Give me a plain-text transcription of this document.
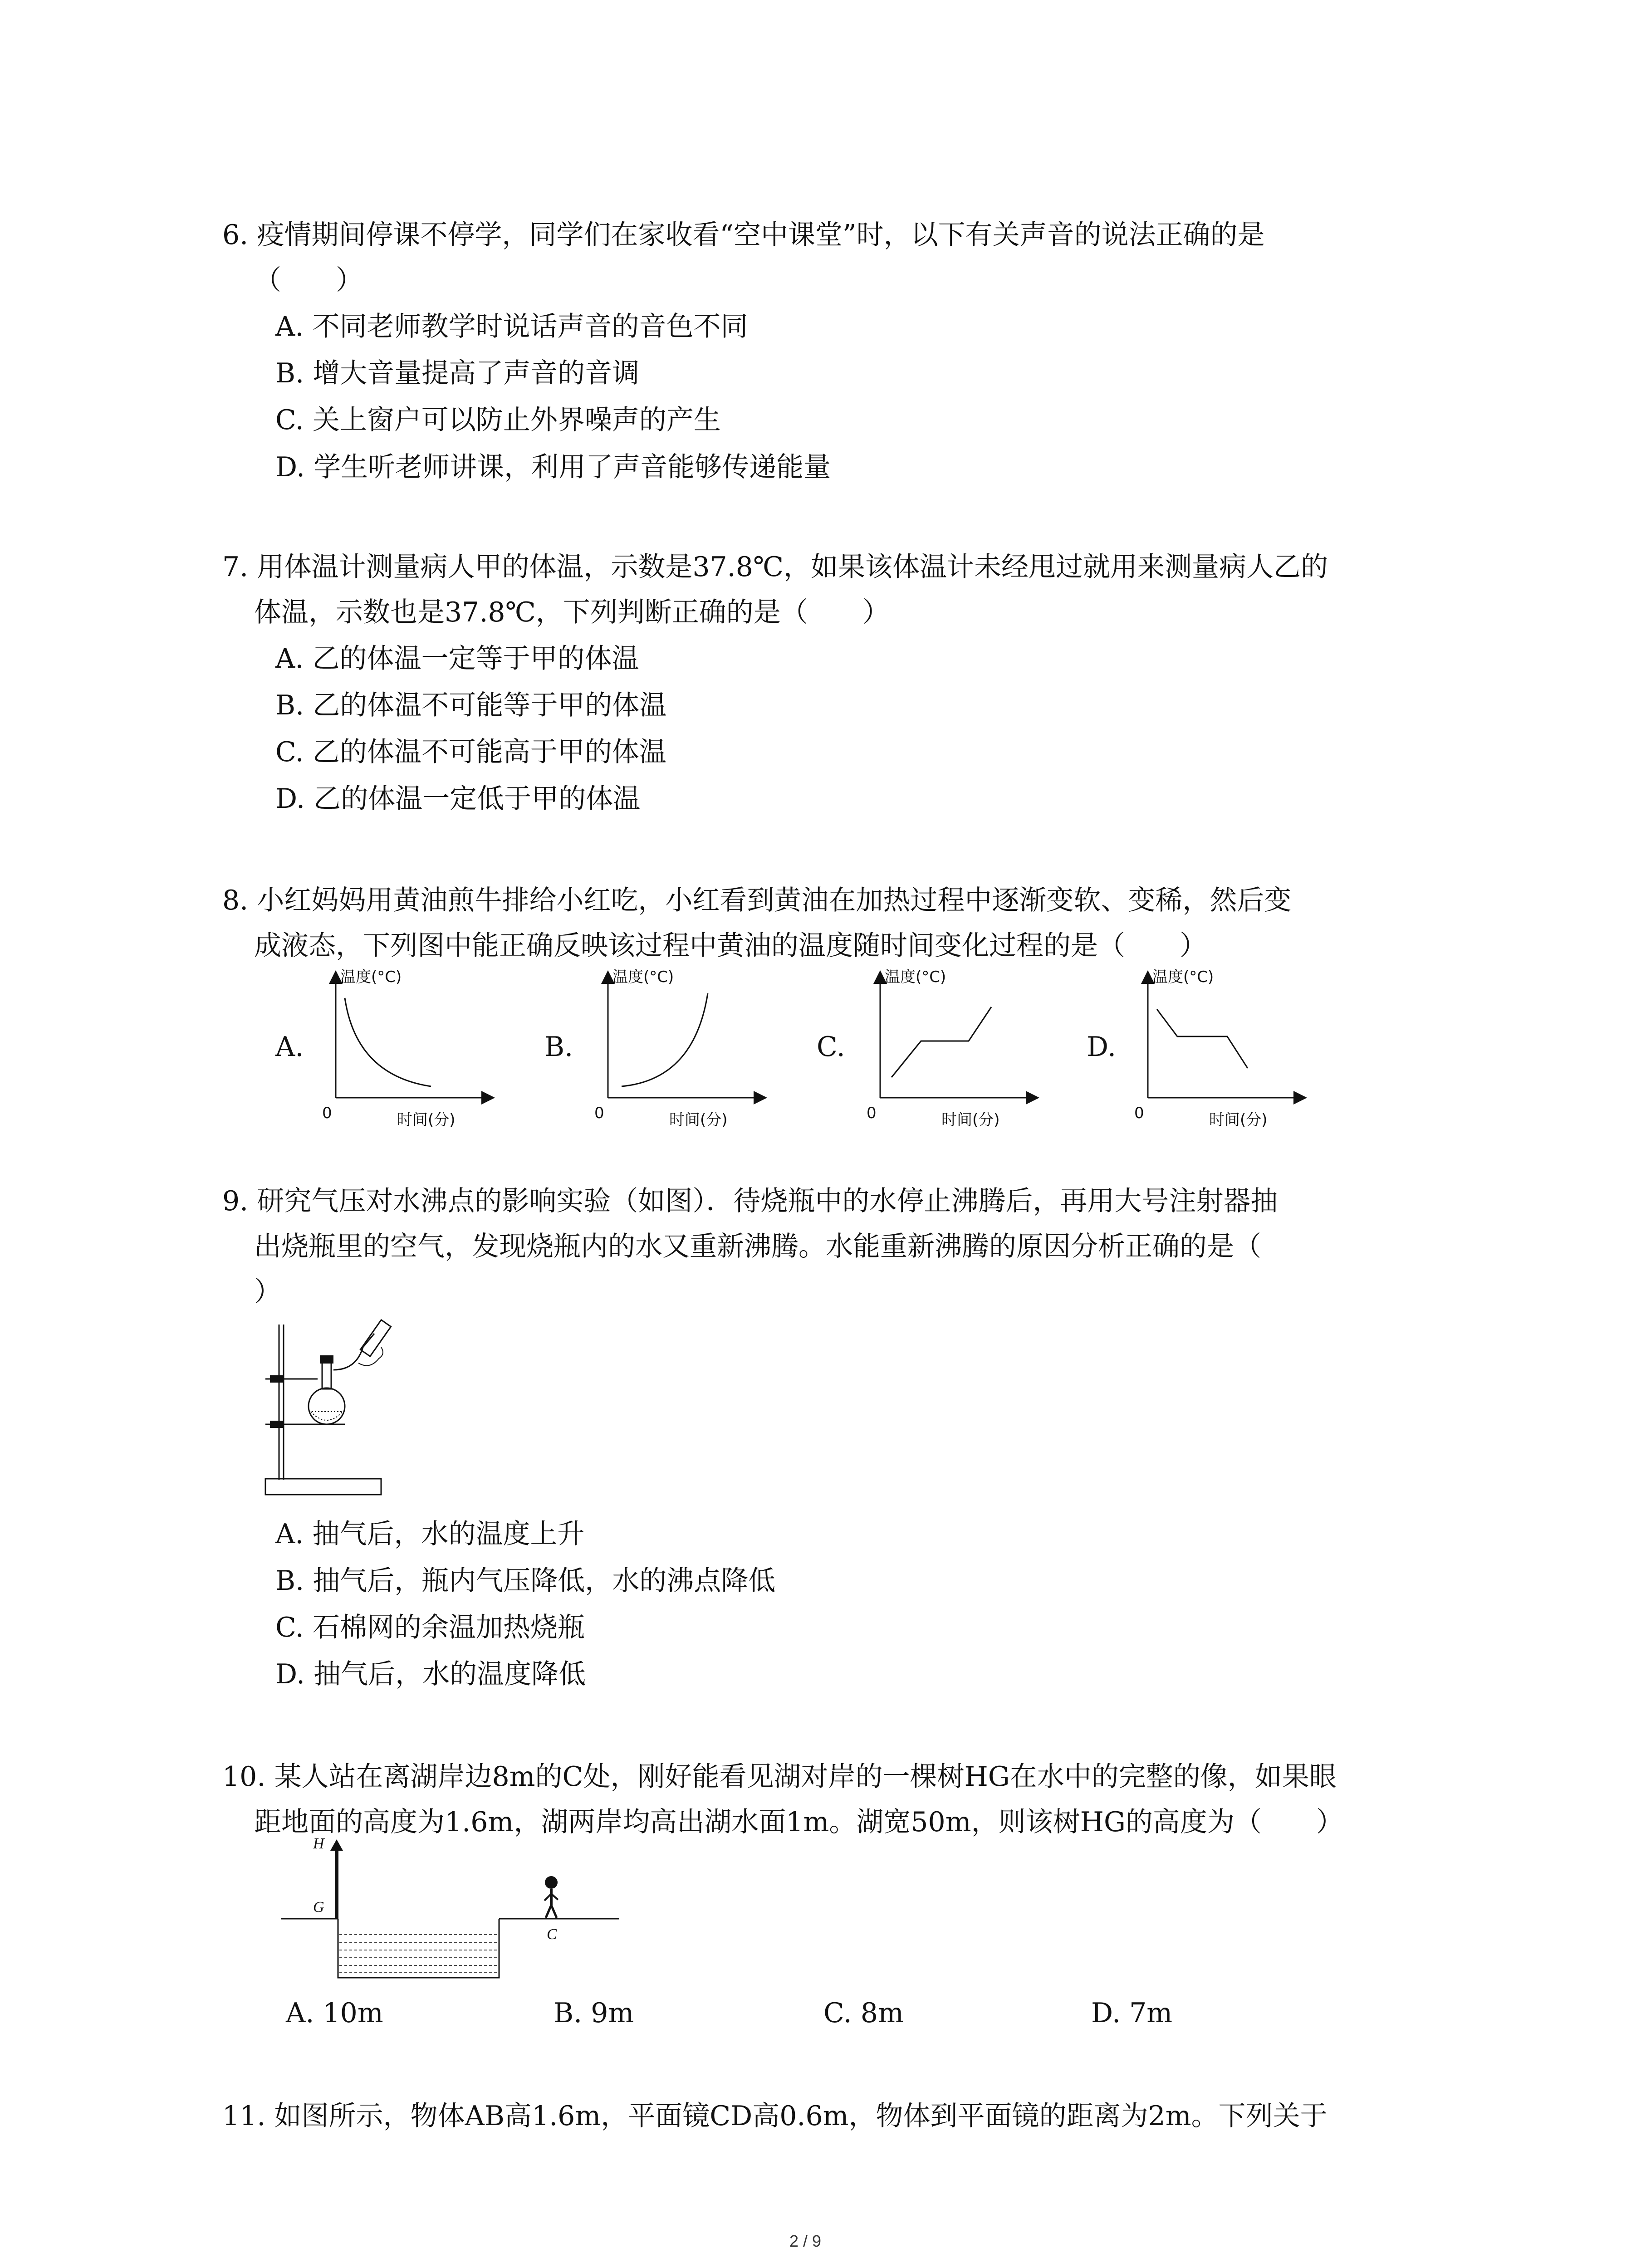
6. 疫情期间停课不停学，同学们在家收看“空中课堂”时，以下有关声音的说法正确的是
（　　）
A. 不同老师教学时说话声音的音色不同
B. 增大音量提高了声音的音调
C. 关上窗户可以防止外界噪声的产生
D. 学生听老师讲课，利用了声音能够传递能量
7. 用体温计测量病人甲的体温，示数是37.8℃，如果该体温计未经甩过就用来测量病人乙的
体温，示数也是37.8℃，下列判断正确的是（　　）
A. 乙的体温一定等于甲的体温
B. 乙的体温不可能等于甲的体温
C. 乙的体温不可能高于甲的体温
D. 乙的体温一定低于甲的体温
8. 小红妈妈用黄油煎牛排给小红吃，小红看到黄油在加热过程中逐渐变软、变稀，然后变
成液态，下列图中能正确反映该过程中黄油的温度随时间变化过程的是（　　）
A.	B.	C.	D.
温度(°C)
0	时间(分)
温度(°C)
0	时间(分)
温度(°C)
0	时间(分)
温度(°C)
0	时间(分)
9. 研究气压对水沸点的影响实验（如图）．待烧瓶中的水停止沸腾后，再用大号注射器抽
出烧瓶里的空气，发现烧瓶内的水又重新沸腾。水能重新沸腾的原因分析正确的是（
）
A. 抽气后，水的温度上升
B. 抽气后，瓶内气压降低，水的沸点降低
C. 石棉网的余温加热烧瓶
D. 抽气后，水的温度降低
10. 某人站在离湖岸边8m的C处，刚好能看见湖对岸的一棵树HG在水中的完整的像，如果眼
距地面的高度为1.6m，湖两岸均高出湖水面1m。湖宽50m，则该树HG的高度为（　　）
H
G
C
A. 10m	B. 9m	C. 8m	D. 7m
11. 如图所示，物体AB高1.6m，平面镜CD高0.6m，物体到平面镜的距离为2m。下列关于
2 / 9
